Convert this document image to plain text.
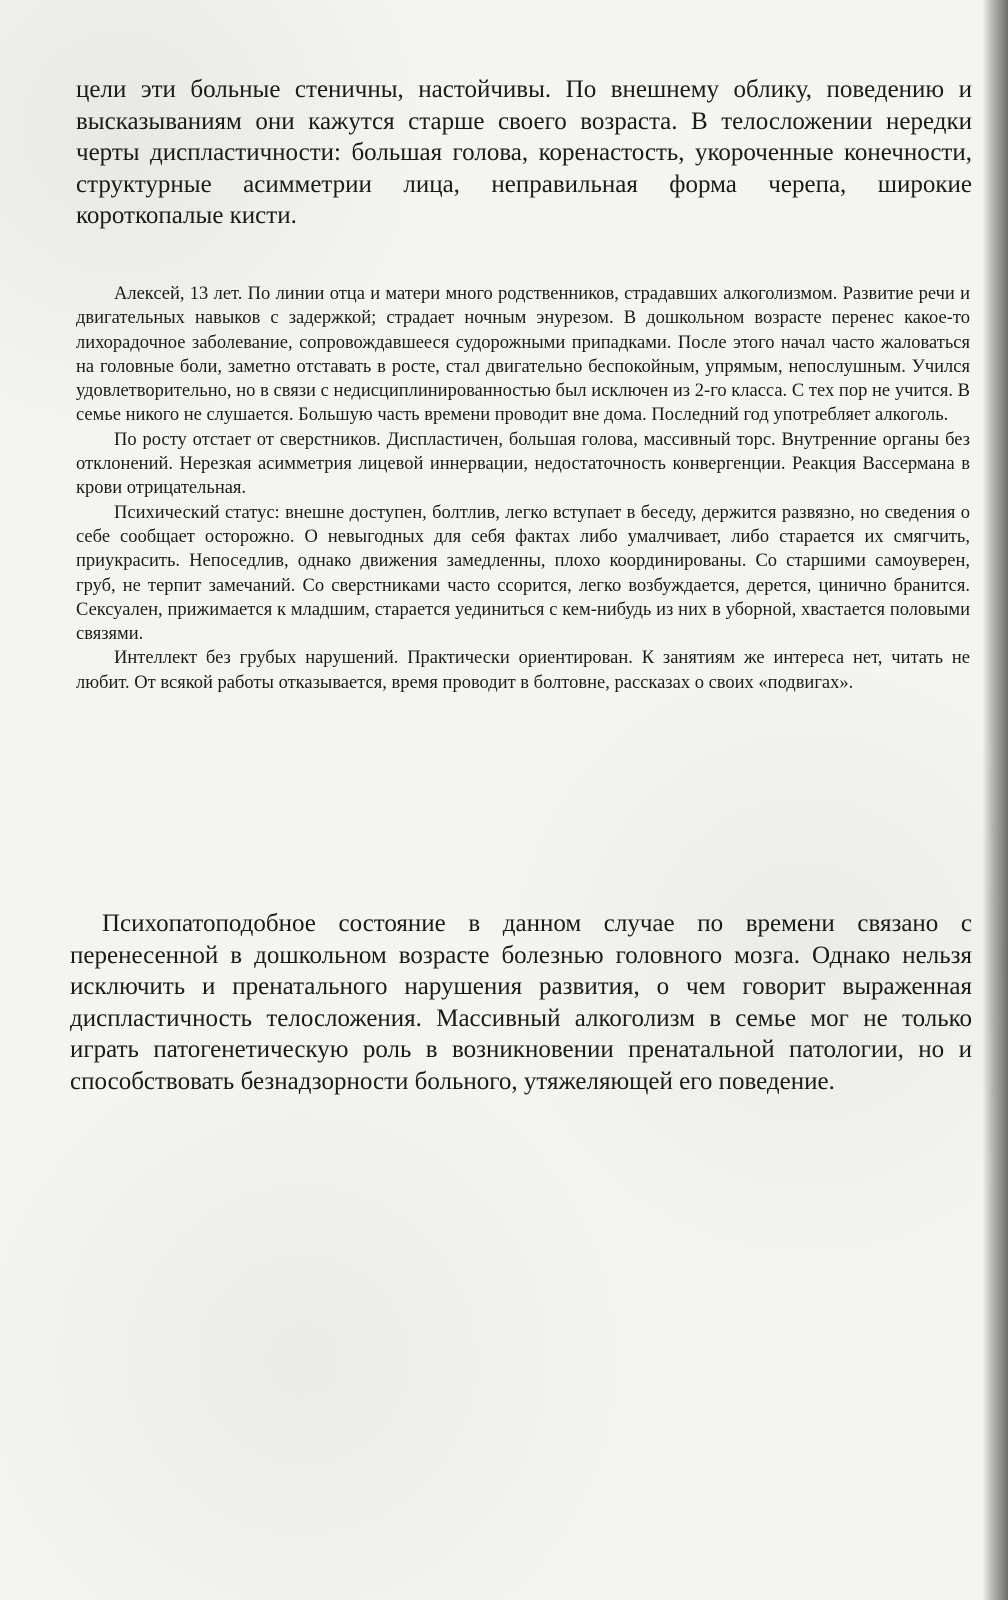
цели эти больные стеничны, настойчивы. По внешнему облику, поведению и высказываниям они кажутся старше своего возраста. В телосложении нередки черты диспластичности: большая голова, коренастость, укороченные конечности, структурные асимметрии лица, неправильная форма черепа, широкие короткопалые кисти.

Алексей, 13 лет. По линии отца и матери много родственников, страдавших алкоголизмом. Развитие речи и двигательных навыков с задержкой; страдает ночным энурезом. В дошкольном возрасте перенес какое-то лихорадочное заболевание, сопровождавшееся судорожными припадками. После этого начал часто жаловаться на головные боли, заметно отставать в росте, стал двигательно беспокойным, упрямым, непослушным. Учился удовлетворительно, но в связи с недисциплинированностью был исключен из 2-го класса. С тех пор не учится. В семье никого не слушается. Большую часть времени проводит вне дома. Последний год употребляет алкоголь.

По росту отстает от сверстников. Диспластичен, большая голова, массивный торс. Внутренние органы без отклонений. Нерезкая асимметрия лицевой иннервации, недостаточность конвергенции. Реакция Вассермана в крови отрицательная.

Психический статус: внешне доступен, болтлив, легко вступает в беседу, держится развязно, но сведения о себе сообщает осторожно. О невыгодных для себя фактах либо умалчивает, либо старается их смягчить, приукрасить. Непоседлив, однако движения замедленны, плохо координированы. Со старшими самоуверен, груб, не терпит замечаний. Со сверстниками часто ссорится, легко возбуждается, дерется, цинично бранится. Сексуален, прижимается к младшим, старается уединиться с кем-нибудь из них в уборной, хвастается половыми связями.

Интеллект без грубых нарушений. Практически ориентирован. К занятиям же интереса нет, читать не любит. От всякой работы отказывается, время проводит в болтовне, рассказах о своих «подвигах».

Психопатоподобное состояние в данном случае по времени связано с перенесенной в дошкольном возрасте болезнью головного мозга. Однако нельзя исключить и пренатального нарушения развития, о чем говорит выраженная диспластичность телосложения. Массивный алкоголизм в семье мог не только играть патогенетическую роль в возникновении пренатальной патологии, но и способствовать безнадзорности больного, утяжеляющей его поведение.
